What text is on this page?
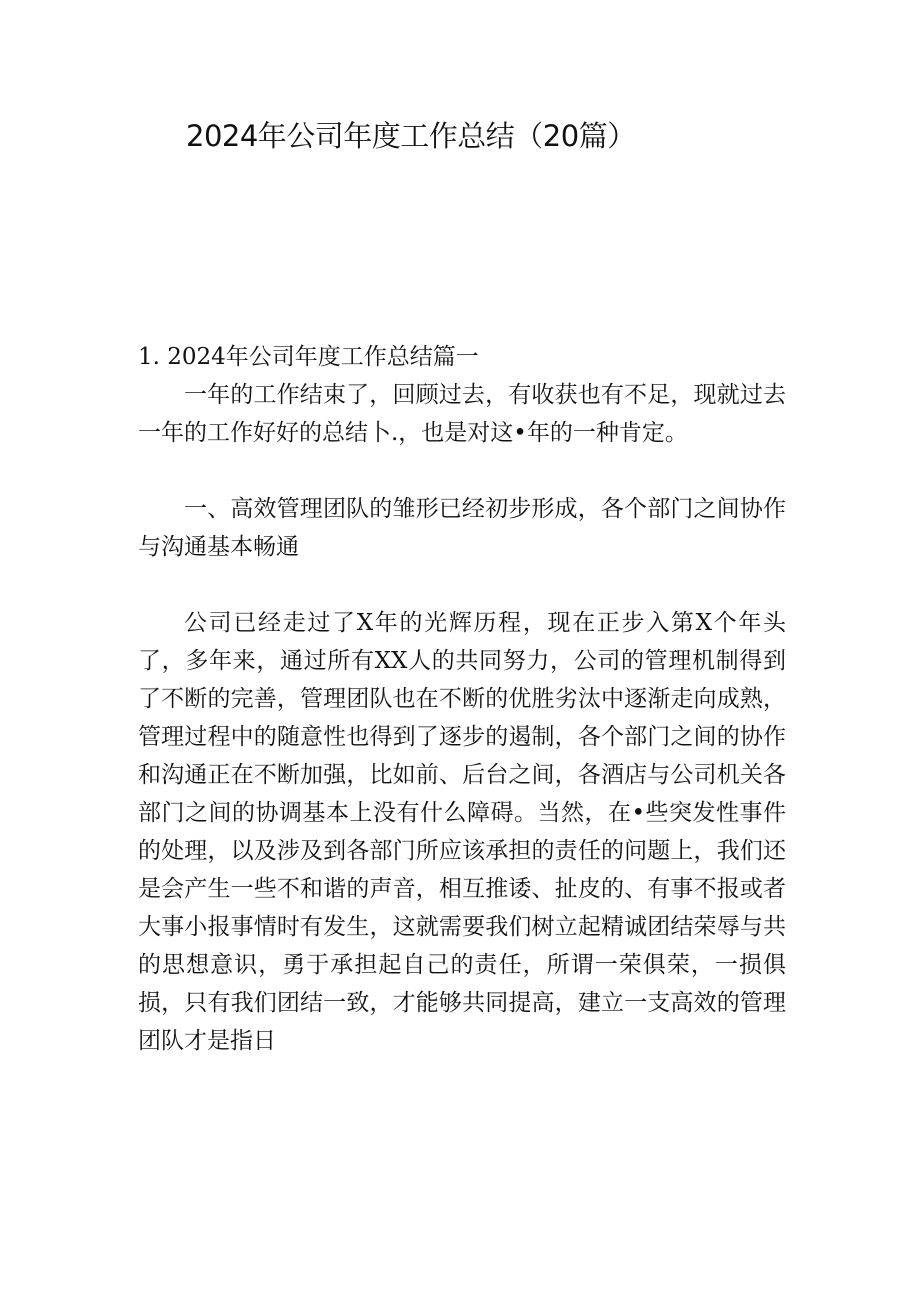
2024年公司年度工作总结（20篇）

1. 2024年公司年度工作总结篇一

一年的工作结束了，回顾过去，有收获也有不足，现就过去一年的工作好好的总结卜.，也是对这•年的一种肯定。

一、高效管理团队的雏形已经初步形成，各个部门之间协作与沟通基本畅通

公司已经走过了X年的光辉历程，现在正步入第X个年头了，多年来，通过所有XX人的共同努力，公司的管理机制得到了不断的完善，管理团队也在不断的优胜劣汰中逐渐走向成熟，管理过程中的随意性也得到了逐步的遏制，各个部门之间的协作和沟通正在不断加强，比如前、后台之间，各酒店与公司机关各部门之间的协调基本上没有什么障碍。当然，在•些突发性事件的处理，以及涉及到各部门所应该承担的责任的问题上，我们还是会产生一些不和谐的声音，相互推诿、扯皮的、有事不报或者大事小报事情时有发生，这就需要我们树立起精诚团结荣辱与共的思想意识，勇于承担起自己的责任，所谓一荣俱荣，一损俱损，只有我们团结一致，才能够共同提高，建立一支高效的管理团队才是指日
